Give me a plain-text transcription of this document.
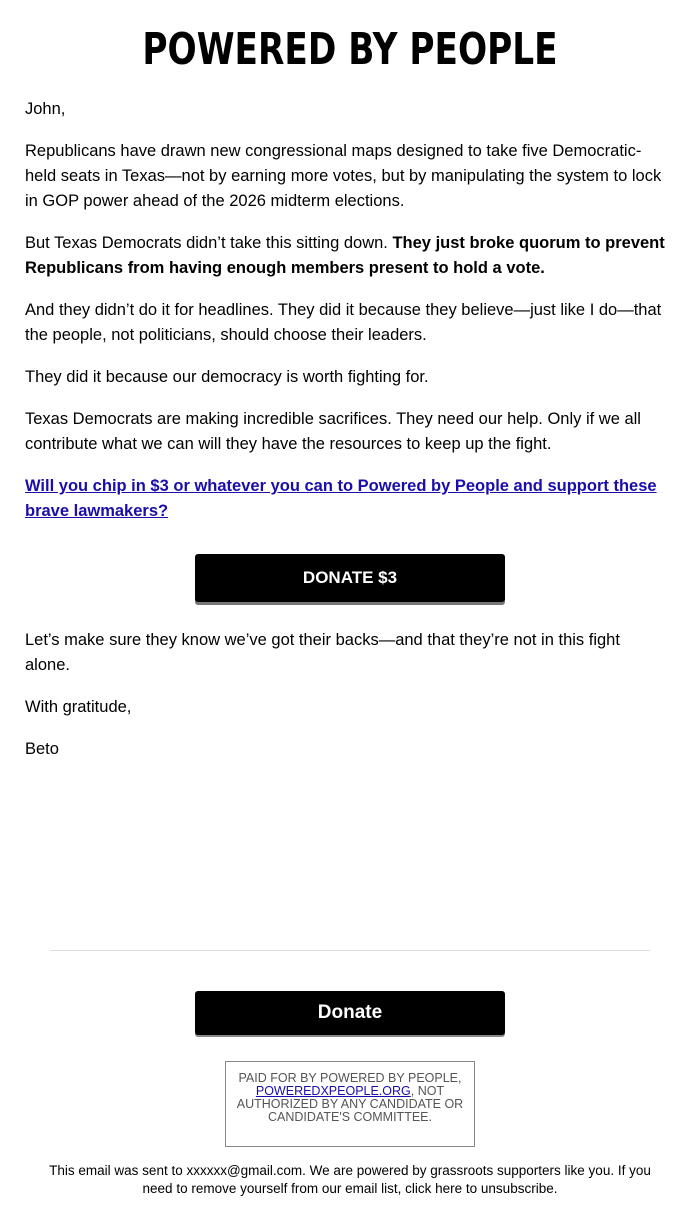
POWERED BY PEOPLE

John,

Republicans have drawn new congressional maps designed to take five Democratic-held seats in Texas—not by earning more votes, but by manipulating the system to lock in GOP power ahead of the 2026 midterm elections.

But Texas Democrats didn’t take this sitting down. They just broke quorum to prevent Republicans from having enough members present to hold a vote.

And they didn’t do it for headlines. They did it because they believe—just like I do—that the people, not politicians, should choose their leaders.

They did it because our democracy is worth fighting for.

Texas Democrats are making incredible sacrifices. They need our help. Only if we all contribute what we can will they have the resources to keep up the fight.

Will you chip in $3 or whatever you can to Powered by People and support these brave lawmakers?

DONATE $3

Let’s make sure they know we’ve got their backs—and that they’re not in this fight alone.

With gratitude,

Beto

Donate
PAID FOR BY POWERED BY PEOPLE, POWEREDXPEOPLE.ORG, NOT AUTHORIZED BY ANY CANDIDATE OR CANDIDATE'S COMMITTEE.
This email was sent to xxxxxx@gmail.com. We are powered by grassroots supporters like you. If you need to remove yourself from our email list, click here to unsubscribe.
